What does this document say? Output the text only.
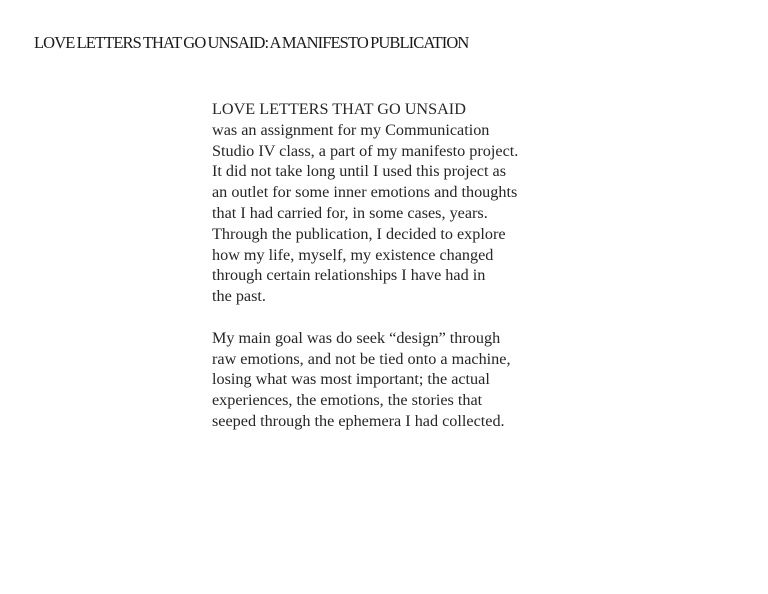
LOVE LETTERS THAT GO UNSAID: A MANIFESTO PUBLICATION

LOVE LETTERS THAT GO UNSAID
was an assignment for my Communication
Studio IV class, a part of my manifesto project.
It did not take long until I used this project as
an outlet for some inner emotions and thoughts
that I had carried for, in some cases, years.
Through the publication, I decided to explore
how my life, myself, my existence changed
through certain relationships I have had in
the past.

My main goal was do seek “design” through
raw emotions, and not be tied onto a machine,
losing what was most important; the actual
experiences, the emotions, the stories that
seeped through the ephemera I had collected.
